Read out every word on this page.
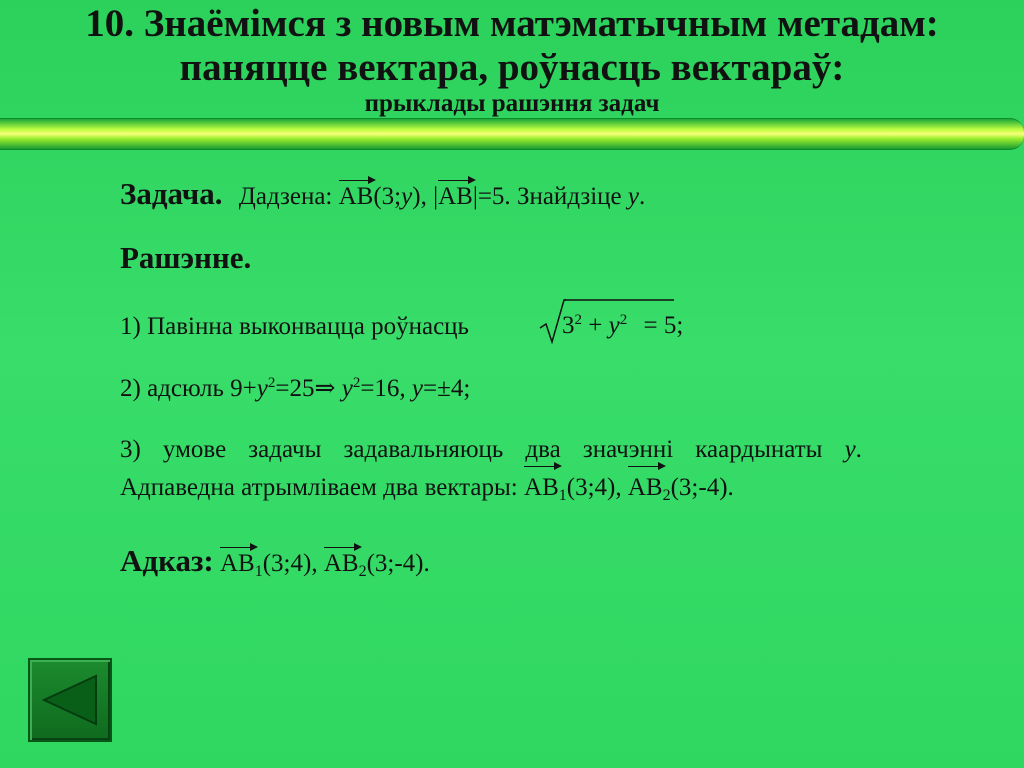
10. Знаёмімся з новым матэматычным метадам:
паняцце вектара, роўнасць вектараў:
прыклады рашэння задач
Задача. Дадзена: AB(3;y), |AB|=5. Знайдзіце y.
Рашэнне.
1) Павінна выконвацца роўнасць	$3^2 + y^2 = 5$;
2) адсюль $9+y^2=25\Rightarrow$ $y^2=16$, y=±4;
3) умове задачы задавальняюць два значэнні каардынаты y.
Адпаведна атрымліваем два вектары: $AB_1(3;4)$, $AB_2(3;-4)$.
Адказ: $AB_1(3;4)$, $AB_2(3;-4)$.
